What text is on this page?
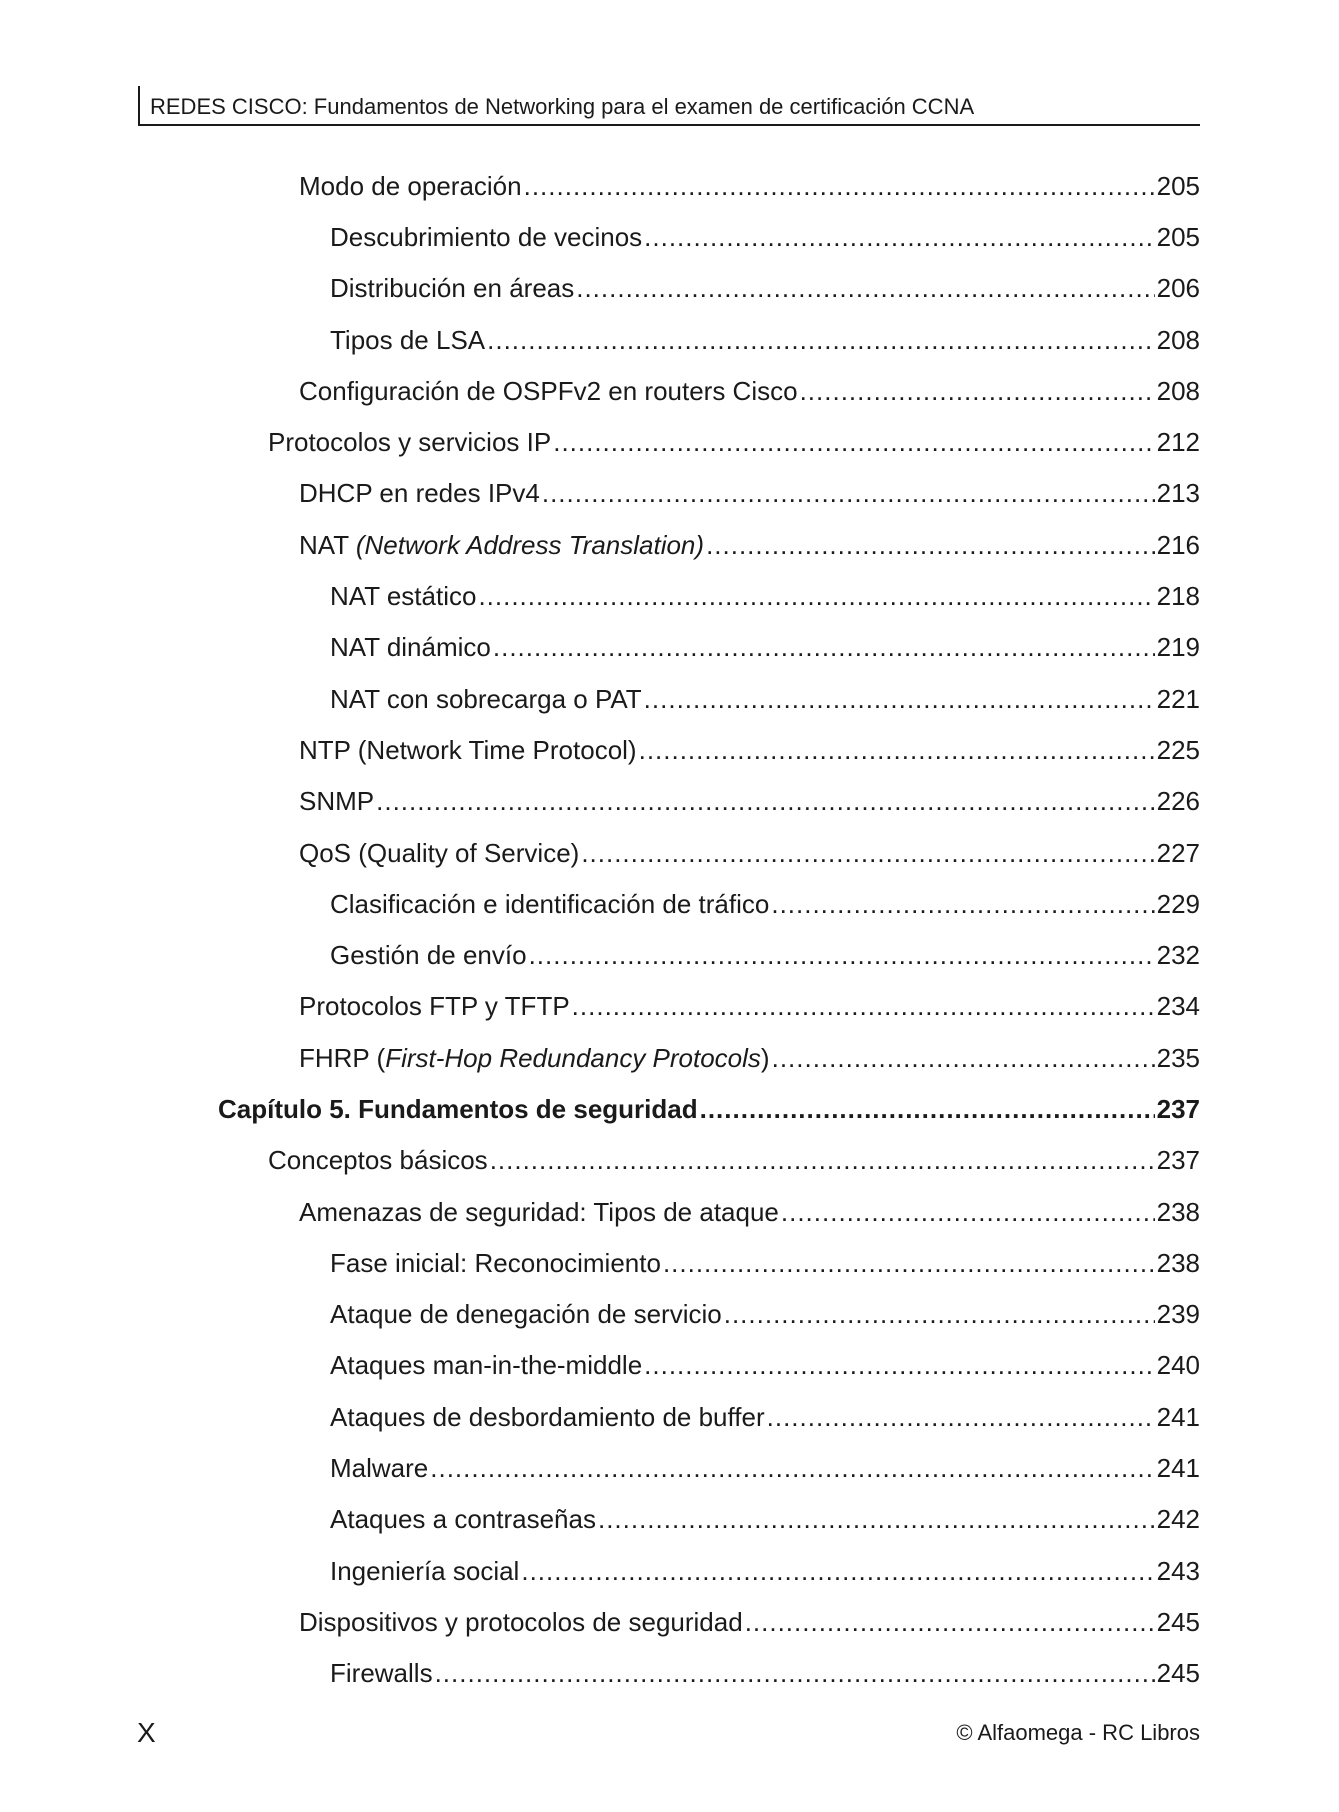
REDES CISCO: Fundamentos de Networking para el examen de certificación CCNA
Modo de operación .....	205
Descubrimiento de vecinos .....	205
Distribución en áreas .....	206
Tipos de LSA .....	208
Configuración de OSPFv2 en routers Cisco .....	208
Protocolos y servicios IP .....	212
DHCP en redes IPv4 .....	213
NAT (Network Address Translation) .....	216
NAT estático .....	218
NAT dinámico .....	219
NAT con sobrecarga o PAT .....	221
NTP (Network Time Protocol) .....	225
SNMP .....	226
QoS (Quality of Service) .....	227
Clasificación e identificación de tráfico .....	229
Gestión de envío .....	232
Protocolos FTP y TFTP .....	234
FHRP (First-Hop Redundancy Protocols) .....	235
Capítulo 5. Fundamentos de seguridad .....	237
Conceptos básicos .....	237
Amenazas de seguridad: Tipos de ataque .....	238
Fase inicial: Reconocimiento .....	238
Ataque de denegación de servicio .....	239
Ataques man-in-the-middle .....	240
Ataques de desbordamiento de buffer .....	241
Malware .....	241
Ataques a contraseñas .....	242
Ingeniería social .....	243
Dispositivos y protocolos de seguridad .....	245
Firewalls .....	245
X	© Alfaomega - RC Libros
